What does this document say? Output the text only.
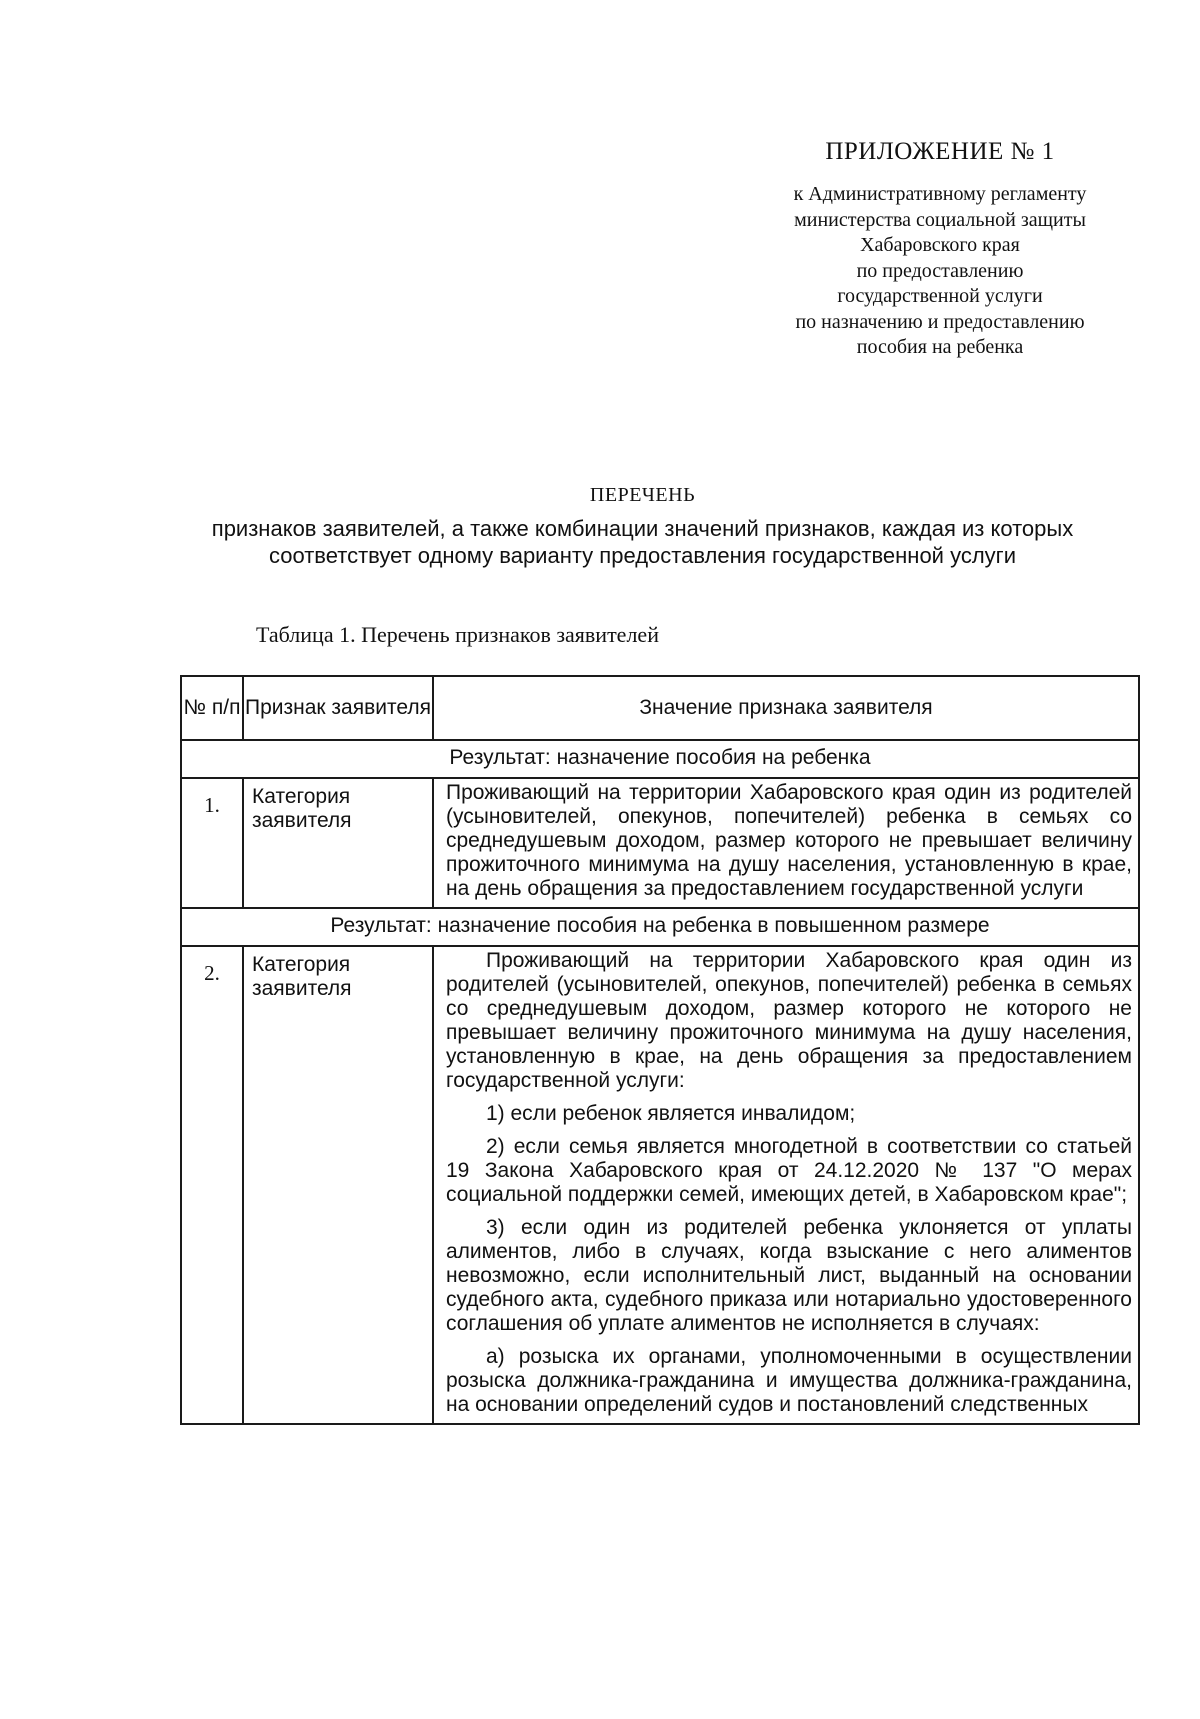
ПРИЛОЖЕНИЕ № 1
к Административному регламенту
министерства социальной защиты
Хабаровского края
по предоставлению
государственной услуги
по назначению и предоставлению
пособия на ребенка
ПЕРЕЧЕНЬ
признаков заявителей, а также комбинации значений признаков, каждая из которых соответствует одному варианту предоставления государственной услуги
Таблица 1. Перечень признаков заявителей
№ п/п	Признак заявителя	Значение признака заявителя
Результат: назначение пособия на ребенка		
1.	Категория заявителя	Проживающий на территории Хабаровского края один из родителей (усыновителей, опекунов, попечителей) ребенка в семьях со среднедушевым доходом, размер которого не превышает величину прожиточного минимума на душу населения, установленную в крае, на день обращения за предоставлением государственной услуги
Результат: назначение пособия на ребенка в повышенном размере		
2.	Категория заявителя	Проживающий на территории Хабаровского края один из родителей (усыновителей, опекунов, попечителей) ребенка в семьях со среднедушевым доходом, размер которого не которого не превышает величину прожиточного минимума на душу населения, установленную в крае, на день обращения за предоставлением государственной услуги:
1) если ребенок является инвалидом;
2) если семья является многодетной в соответствии со статьей 19 Закона Хабаровского края от 24.12.2020 № 137 "О мерах социальной поддержки семей, имеющих детей, в Хабаровском крае";
3) если один из родителей ребенка уклоняется от уплаты алиментов, либо в случаях, когда взыскание с него алиментов невозможно, если исполнительный лист, выданный на основании судебного акта, судебного приказа или нотариально удостоверенного соглашения об уплате алиментов не исполняется в случаях:
а) розыска их органами, уполномоченными в осуществлении розыска должника-гражданина и имущества должника-гражданина, на основании определений судов и постановлений следственных
